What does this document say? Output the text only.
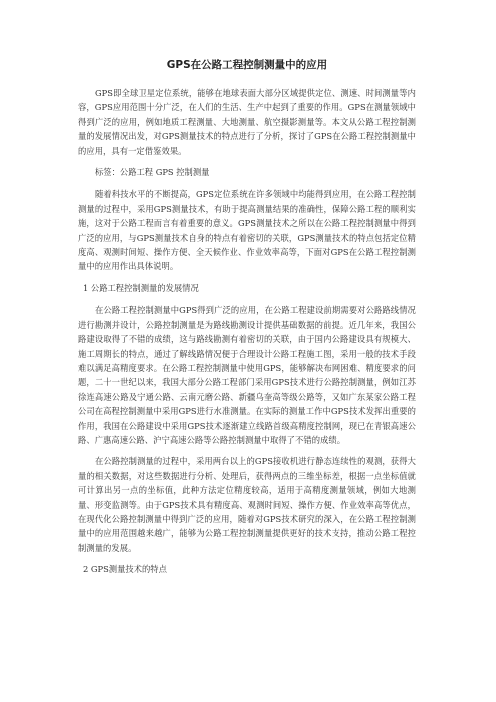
GPS在公路工程控制测量中的应用

GPS即全球卫星定位系统，能够在地球表面大部分区域提供定位、测速、时间测量等内容，GPS应用范围十分广泛，在人们的生活、生产中起到了重要的作用。GPS在测量领域中得到广泛的应用，例如地质工程测量、大地测量、航空摄影测量等。本文从公路工程控制测量的发展情况出发，对GPS测量技术的特点进行了分析，探讨了GPS在公路工程控制测量中的应用，具有一定借鉴效果。

标签：公路工程 GPS 控制测量

随着科技水平的不断提高，GPS定位系统在许多领域中均能得到应用，在公路工程控制测量的过程中，采用GPS测量技术，有助于提高测量结果的准确性，保障公路工程的顺利实施，这对于公路工程而言有着重要的意义。GPS测量技术之所以在公路工程控制测量中得到广泛的应用，与GPS测量技术自身的特点有着密切的关联，GPS测量技术的特点包括定位精度高、观测时间短、操作方便、全天候作业、作业效率高等，下面对GPS在公路工程控制测量中的应用作出具体说明。

1 公路工程控制测量的发展情况

在公路工程控制测量中GPS得到广泛的应用，在公路工程建设前期需要对公路路线情况进行勘测并设计，公路控制测量是为路线勘测设计提供基础数据的前提。近几年来，我国公路建设取得了不错的成绩，这与路线勘测有着密切的关联，由于国内公路建设具有规模大、施工周期长的特点，通过了解线路情况便于合理设计公路工程施工图，采用一般的技术手段难以满足高精度要求。在公路工程控制测量中使用GPS，能够解决布网困难、精度要求的问题，二十一世纪以来，我国大部分公路工程部门采用GPS技术进行公路控制测量，例如江苏徐连高速公路及宁通公路、云南元磨公路、新疆乌奎高等级公路等，又如广东某家公路工程公司在高程控制测量中采用GPS进行水准测量。在实际的测量工作中GPS技术发挥出重要的作用，我国在公路建设中采用GPS技术逐渐建立线路首级高精度控制网，现已在青银高速公路、广惠高速公路、沪宁高速公路等公路控制测量中取得了不错的成绩。

在公路控制测量的过程中，采用两台以上的GPS接收机进行静态连续性的观测，获得大量的相关数据，对这些数据进行分析、处理后，获得两点的三维坐标差，根据一点坐标值就可计算出另一点的坐标值，此种方法定位精度较高，适用于高精度测量领域，例如大地测量、形变监测等。由于GPS技术具有精度高、观测时间短、操作方便、作业效率高等优点，在现代化公路控制测量中得到广泛的应用，随着对GPS技术研究的深入，在公路工程控制测量中的应用范围越来越广，能够为公路工程控制测量提供更好的技术支持，推动公路工程控制测量的发展。

2 GPS测量技术的特点
